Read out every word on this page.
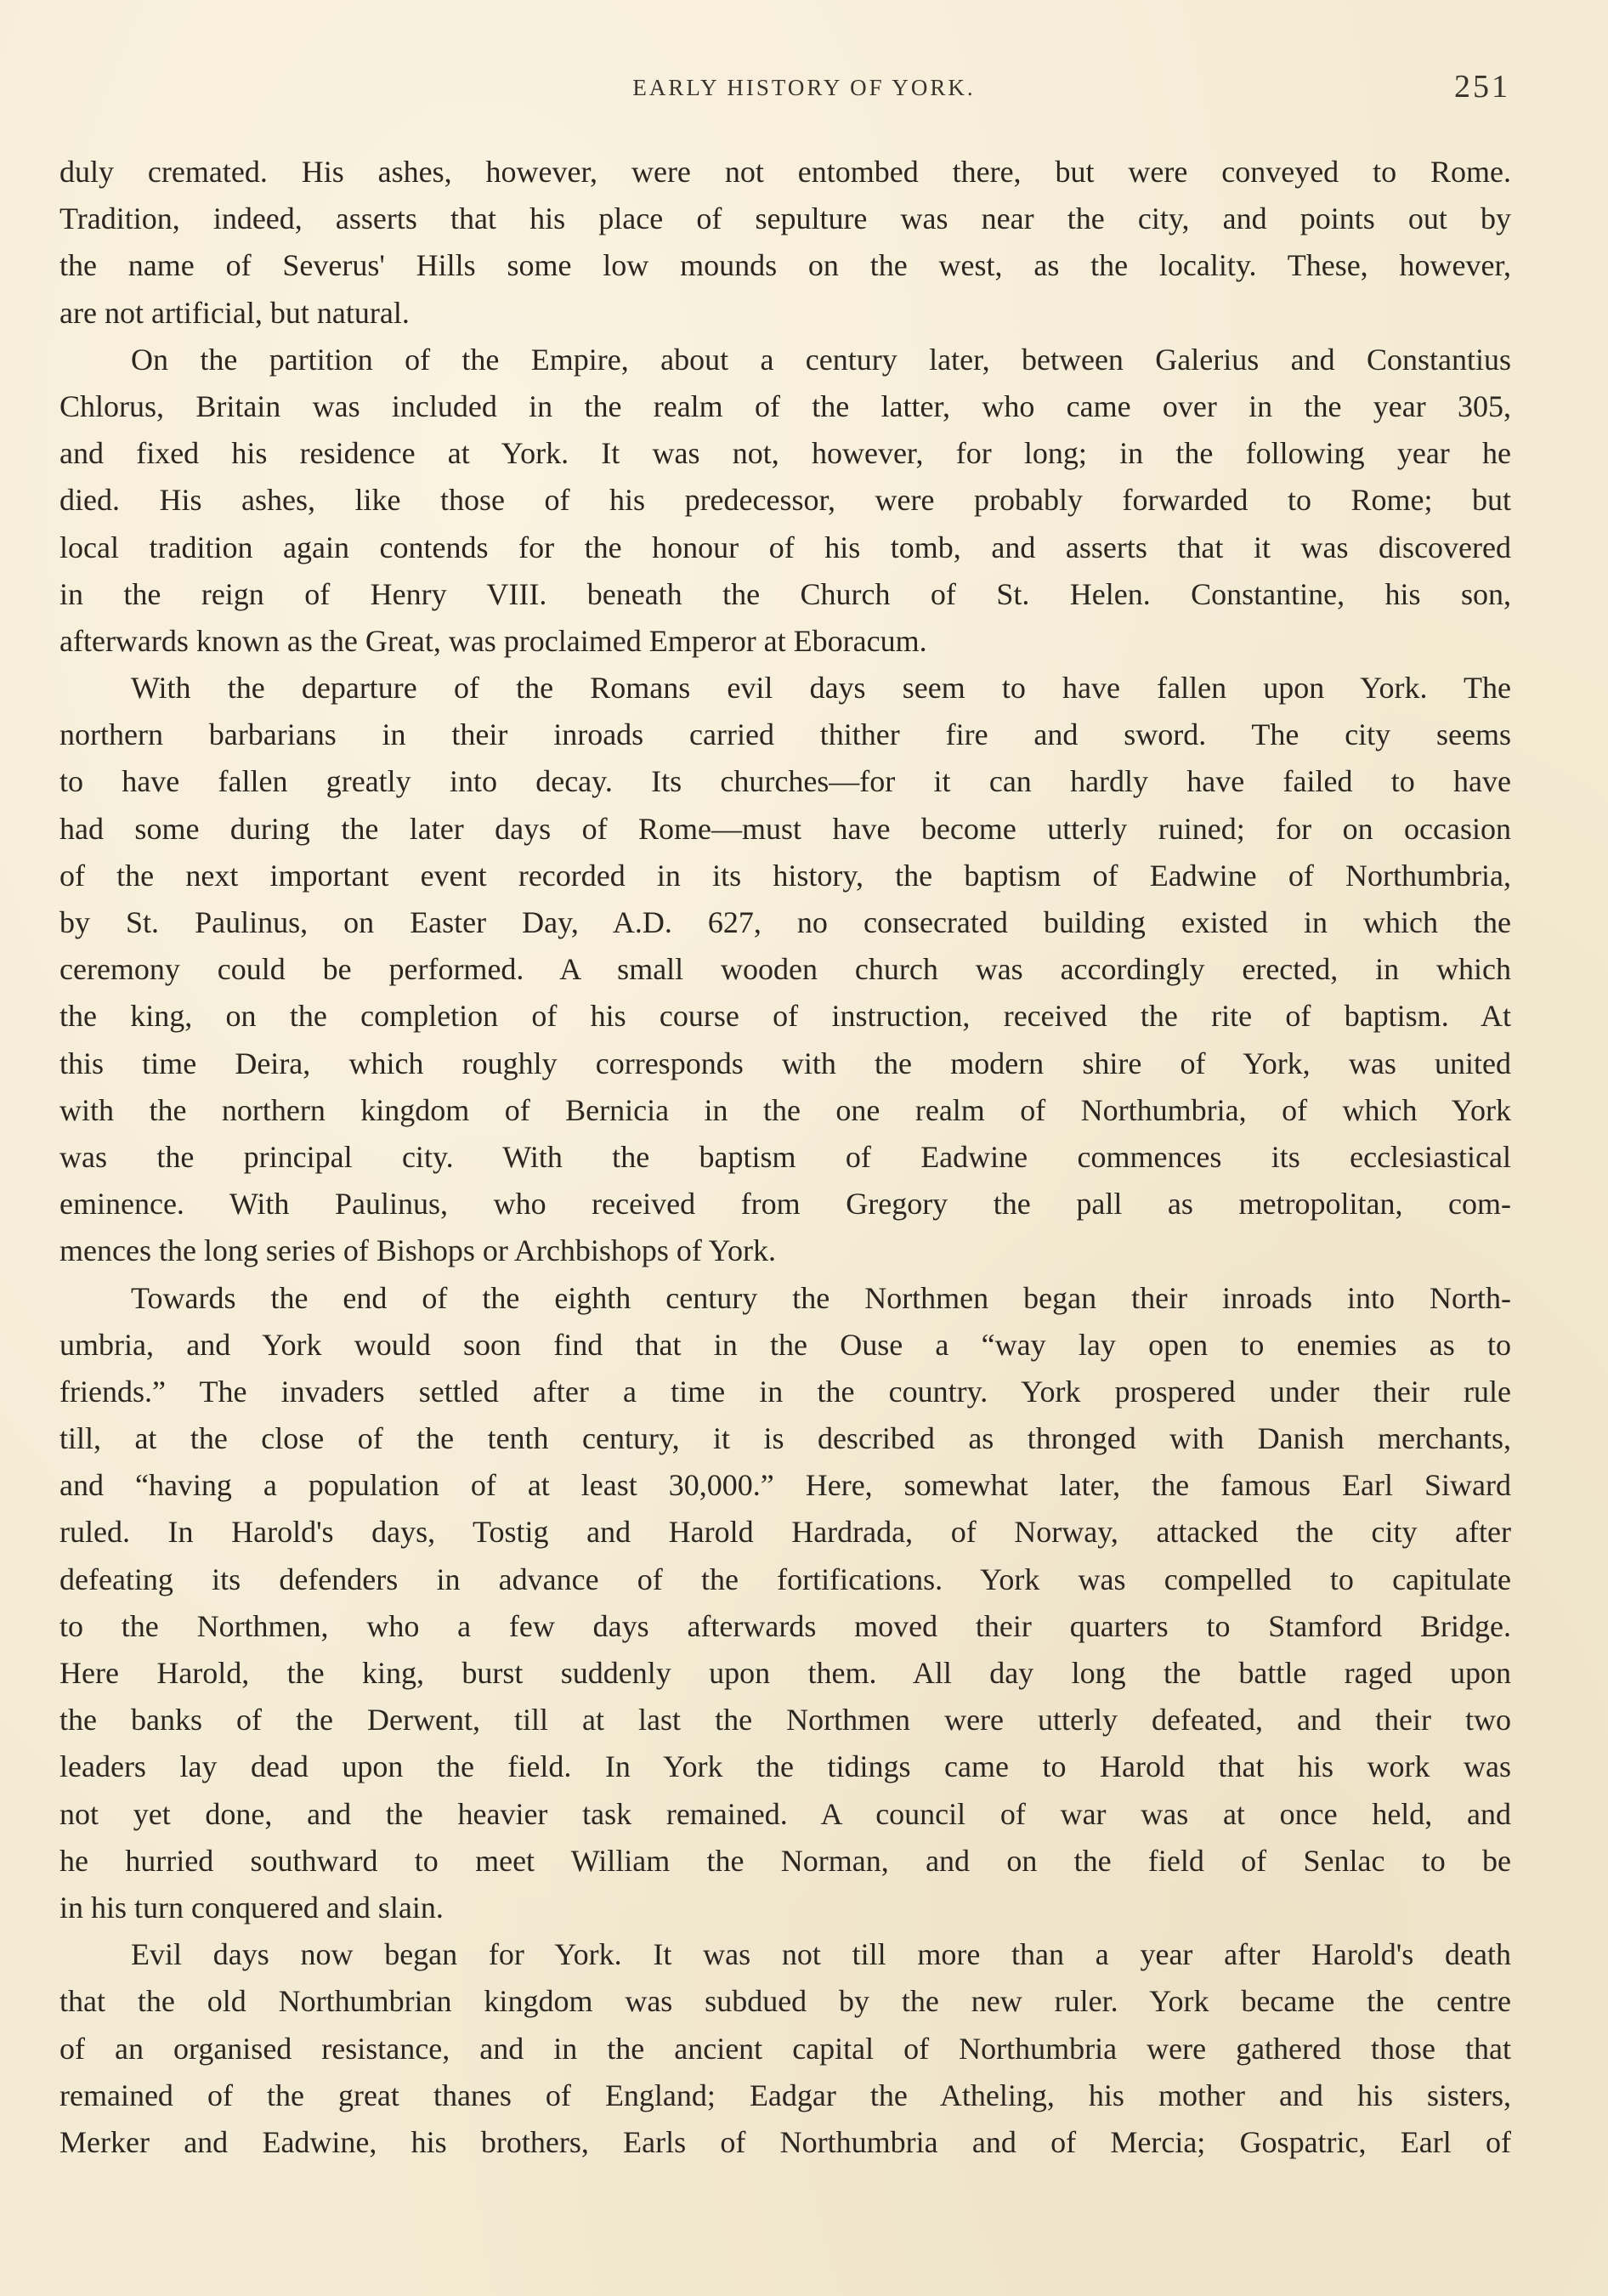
EARLY HISTORY OF YORK.	251
duly cremated. His ashes, however, were not entombed there, but were conveyed to Rome.
Tradition, indeed, asserts that his place of sepulture was near the city, and points out by
the name of Severus' Hills some low mounds on the west, as the locality. These, however,
are not artificial, but natural.
On the partition of the Empire, about a century later, between Galerius and Constantius
Chlorus, Britain was included in the realm of the latter, who came over in the year 305,
and fixed his residence at York. It was not, however, for long; in the following year he
died. His ashes, like those of his predecessor, were probably forwarded to Rome; but
local tradition again contends for the honour of his tomb, and asserts that it was discovered
in the reign of Henry VIII. beneath the Church of St. Helen. Constantine, his son,
afterwards known as the Great, was proclaimed Emperor at Eboracum.
With the departure of the Romans evil days seem to have fallen upon York. The
northern barbarians in their inroads carried thither fire and sword. The city seems
to have fallen greatly into decay. Its churches—for it can hardly have failed to have
had some during the later days of Rome—must have become utterly ruined; for on occasion
of the next important event recorded in its history, the baptism of Eadwine of Northumbria,
by St. Paulinus, on Easter Day, A.D. 627, no consecrated building existed in which the
ceremony could be performed. A small wooden church was accordingly erected, in which
the king, on the completion of his course of instruction, received the rite of baptism. At
this time Deira, which roughly corresponds with the modern shire of York, was united
with the northern kingdom of Bernicia in the one realm of Northumbria, of which York
was the principal city. With the baptism of Eadwine commences its ecclesiastical
eminence. With Paulinus, who received from Gregory the pall as metropolitan, com-
mences the long series of Bishops or Archbishops of York.
Towards the end of the eighth century the Northmen began their inroads into North-
umbria, and York would soon find that in the Ouse a “way lay open to enemies as to
friends.” The invaders settled after a time in the country. York prospered under their rule
till, at the close of the tenth century, it is described as thronged with Danish merchants,
and “having a population of at least 30,000.” Here, somewhat later, the famous Earl Siward
ruled. In Harold's days, Tostig and Harold Hardrada, of Norway, attacked the city after
defeating its defenders in advance of the fortifications. York was compelled to capitulate
to the Northmen, who a few days afterwards moved their quarters to Stamford Bridge.
Here Harold, the king, burst suddenly upon them. All day long the battle raged upon
the banks of the Derwent, till at last the Northmen were utterly defeated, and their two
leaders lay dead upon the field. In York the tidings came to Harold that his work was
not yet done, and the heavier task remained. A council of war was at once held, and
he hurried southward to meet William the Norman, and on the field of Senlac to be
in his turn conquered and slain.
Evil days now began for York. It was not till more than a year after Harold's death
that the old Northumbrian kingdom was subdued by the new ruler. York became the centre
of an organised resistance, and in the ancient capital of Northumbria were gathered those that
remained of the great thanes of England; Eadgar the Atheling, his mother and his sisters,
Merker and Eadwine, his brothers, Earls of Northumbria and of Mercia; Gospatric, Earl of
